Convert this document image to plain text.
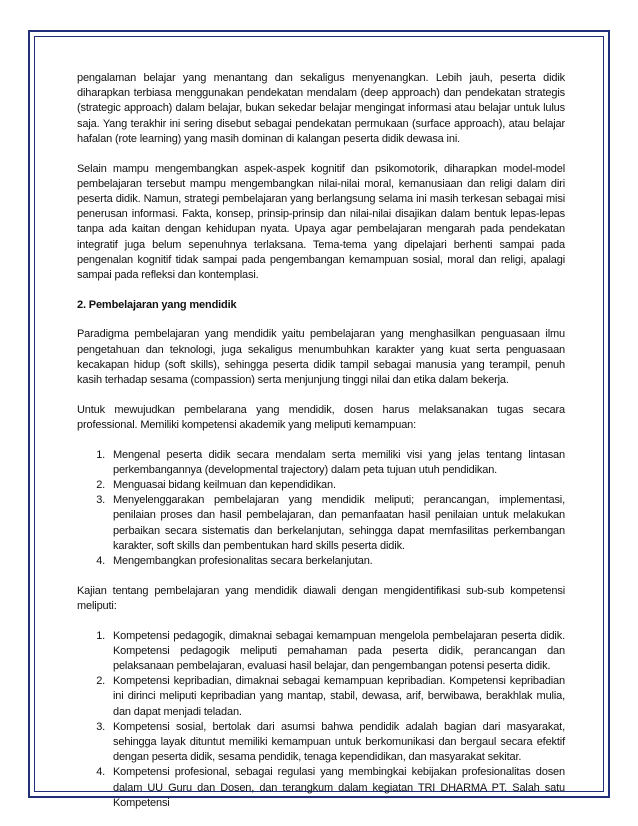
pengalaman belajar yang menantang dan sekaligus menyenangkan. Lebih jauh, peserta didik diharapkan terbiasa menggunakan pendekatan mendalam (deep approach) dan pendekatan strategis (strategic approach) dalam belajar, bukan sekedar belajar mengingat informasi atau belajar untuk lulus saja. Yang terakhir ini sering disebut sebagai pendekatan permukaan (surface approach), atau belajar hafalan (rote learning) yang masih dominan di kalangan peserta didik dewasa ini.

Selain mampu mengembangkan aspek-aspek kognitif dan psikomotorik, diharapkan model-model pembelajaran tersebut mampu mengembangkan nilai-nilai moral, kemanusiaan dan religi dalam diri peserta didik. Namun, strategi pembelajaran yang berlangsung selama ini masih terkesan sebagai misi penerusan informasi. Fakta, konsep, prinsip-prinsip dan nilai-nilai disajikan dalam bentuk lepas-lepas tanpa ada kaitan dengan kehidupan nyata. Upaya agar pembelajaran mengarah pada pendekatan integratif juga belum sepenuhnya terlaksana. Tema-tema yang dipelajari berhenti sampai pada pengenalan kognitif tidak sampai pada pengembangan kemampuan sosial, moral dan religi, apalagi sampai pada refleksi dan kontemplasi.

2. Pembelajaran yang mendidik

Paradigma pembelajaran yang mendidik yaitu pembelajaran yang menghasilkan penguasaan ilmu pengetahuan dan teknologi, juga sekaligus menumbuhkan karakter yang kuat serta penguasaan kecakapan hidup (soft skills), sehingga peserta didik tampil sebagai manusia yang terampil, penuh kasih terhadap sesama (compassion) serta menjunjung tinggi nilai dan etika dalam bekerja.

Untuk mewujudkan pembelarana yang mendidik, dosen harus melaksanakan tugas secara professional. Memiliki kompetensi akademik yang meliputi kemampuan:

1. Mengenal peserta didik secara mendalam serta memiliki visi yang jelas tentang lintasan perkembangannya (developmental trajectory) dalam peta tujuan utuh pendidikan.
2. Menguasai bidang keilmuan dan kependidikan.
3. Menyelenggarakan pembelajaran yang mendidik meliputi; perancangan, implementasi, penilaian proses dan hasil pembelajaran, dan pemanfaatan hasil penilaian untuk melakukan perbaikan secara sistematis dan berkelanjutan, sehingga dapat memfasilitas perkembangan karakter, soft skills dan pembentukan hard skills peserta didik.
4. Mengembangkan profesionalitas secara berkelanjutan.

Kajian tentang pembelajaran yang mendidik diawali dengan mengidentifikasi sub-sub kompetensi meliputi:

1. Kompetensi pedagogik, dimaknai sebagai kemampuan mengelola pembelajaran peserta didik. Kompetensi pedagogik meliputi pemahaman pada peserta didik, perancangan dan pelaksanaan pembelajaran, evaluasi hasil belajar, dan pengembangan potensi peserta didik.
2. Kompetensi kepribadian, dimaknai sebagai kemampuan kepribadian. Kompetensi kepribadian ini dirinci meliputi kepribadian yang mantap, stabil, dewasa, arif, berwibawa, berakhlak mulia, dan dapat menjadi teladan.
3. Kompetensi sosial, bertolak dari asumsi bahwa pendidik adalah bagian dari masyarakat, sehingga layak dituntut memiliki kemampuan untuk berkomunikasi dan bergaul secara efektif dengan peserta didik, sesama pendidik, tenaga kependidikan, dan masyarakat sekitar.
4. Kompetensi profesional, sebagai regulasi yang membingkai kebijakan profesionalitas dosen dalam UU Guru dan Dosen, dan terangkum dalam kegiatan TRI DHARMA PT. Salah satu Kompetensi
